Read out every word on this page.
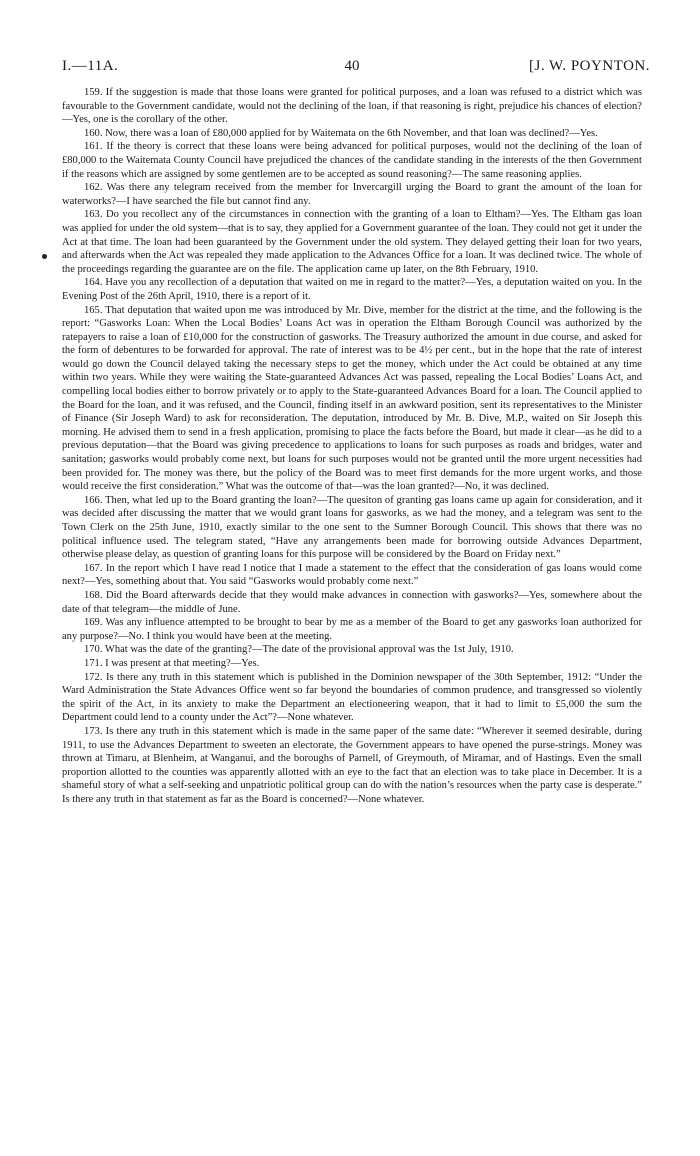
I.—11A.	40	[J. W. POYNTON.

159. If the suggestion is made that those loans were granted for political purposes, and a loan was refused to a district which was favourable to the Government candidate, would not the declining of the loan, if that reasoning is right, prejudice his chances of election?—Yes, one is the corollary of the other.

160. Now, there was a loan of £80,000 applied for by Waitemata on the 6th November, and that loan was declined?—Yes.

161. If the theory is correct that these loans were being advanced for political purposes, would not the declining of the loan of £80,000 to the Waitemata County Council have prejudiced the chances of the candidate standing in the interests of the then Government if the reasons which are assigned by some gentlemen are to be accepted as sound reasoning?—The same reasoning applies.

162. Was there any telegram received from the member for Invercargill urging the Board to grant the amount of the loan for waterworks?—I have searched the file but cannot find any.

163. Do you recollect any of the circumstances in connection with the granting of a loan to Eltham?—Yes. The Eltham gas loan was applied for under the old system—that is to say, they applied for a Government guarantee of the loan. They could not get it under the Act at that time. The loan had been guaranteed by the Government under the old system. They delayed getting their loan for two years, and afterwards when the Act was repealed they made application to the Advances Office for a loan. It was declined twice. The whole of the proceedings regarding the guarantee are on the file. The application came up later, on the 8th February, 1910.

164. Have you any recollection of a deputation that waited on me in regard to the matter?—Yes, a deputation waited on you. In the Evening Post of the 26th April, 1910, there is a report of it.

165. That deputation that waited upon me was introduced by Mr. Dive, member for the district at the time, and the following is the report: “Gasworks Loan: When the Local Bodies’ Loans Act was in operation the Eltham Borough Council was authorized by the ratepayers to raise a loan of £10,000 for the construction of gasworks. The Treasury authorized the amount in due course, and asked for the form of debentures to be forwarded for approval. The rate of interest was to be 4½ per cent., but in the hope that the rate of interest would go down the Council delayed taking the necessary steps to get the money, which under the Act could be obtained at any time within two years. While they were waiting the State-guaranteed Advances Act was passed, repealing the Local Bodies’ Loans Act, and compelling local bodies either to borrow privately or to apply to the State-guaranteed Advances Board for a loan. The Council applied to the Board for the loan, and it was refused, and the Council, finding itself in an awkward position, sent its representatives to the Minister of Finance (Sir Joseph Ward) to ask for reconsideration. The deputation, introduced by Mr. B. Dive, M.P., waited on Sir Joseph this morning. He advised them to send in a fresh application, promising to place the facts before the Board, but made it clear—as he did to a previous deputation—that the Board was giving precedence to applications to loans for such purposes as roads and bridges, water and sanitation; gasworks would probably come next, but loans for such purposes would not be granted until the more urgent necessities had been provided for. The money was there, but the policy of the Board was to meet first demands for the more urgent works, and those would receive the first consideration.” What was the outcome of that—was the loan granted?—No, it was declined.

166. Then, what led up to the Board granting the loan?—The quesiton of granting gas loans came up again for consideration, and it was decided after discussing the matter that we would grant loans for gasworks, as we had the money, and a telegram was sent to the Town Clerk on the 25th June, 1910, exactly similar to the one sent to the Sumner Borough Council. This shows that there was no political influence used. The telegram stated, “Have any arrangements been made for borrowing outside Advances Department, otherwise please delay, as question of granting loans for this purpose will be considered by the Board on Friday next.”

167. In the report which I have read I notice that I made a statement to the effect that the consideration of gas loans would come next?—Yes, something about that. You said “Gasworks would probably come next.”

168. Did the Board afterwards decide that they would make advances in connection with gasworks?—Yes, somewhere about the date of that telegram—the middle of June.

169. Was any influence attempted to be brought to bear by me as a member of the Board to get any gasworks loan authorized for any purpose?—No. I think you would have been at the meeting.

170. What was the date of the granting?—The date of the provisional approval was the 1st July, 1910.

171. I was present at that meeting?—Yes.

172. Is there any truth in this statement which is published in the Dominion newspaper of the 30th September, 1912: “Under the Ward Administration the State Advances Office went so far beyond the boundaries of common prudence, and transgressed so violently the spirit of the Act, in its anxiety to make the Department an electioneering weapon, that it had to limit to £5,000 the sum the Department could lend to a county under the Act”?—None whatever.

173. Is there any truth in this statement which is made in the same paper of the same date: “Wherever it seemed desirable, during 1911, to use the Advances Department to sweeten an electorate, the Government appears to have opened the purse-strings. Money was thrown at Timaru, at Blenheim, at Wanganui, and the boroughs of Parnell, of Greymouth, of Miramar, and of Hastings. Even the small proportion allotted to the counties was apparently allotted with an eye to the fact that an election was to take place in December. It is a shameful story of what a self-seeking and unpatriotic political group can do with the nation’s resources when the party case is desperate.” Is there any truth in that statement as far as the Board is concerned?—None whatever.
